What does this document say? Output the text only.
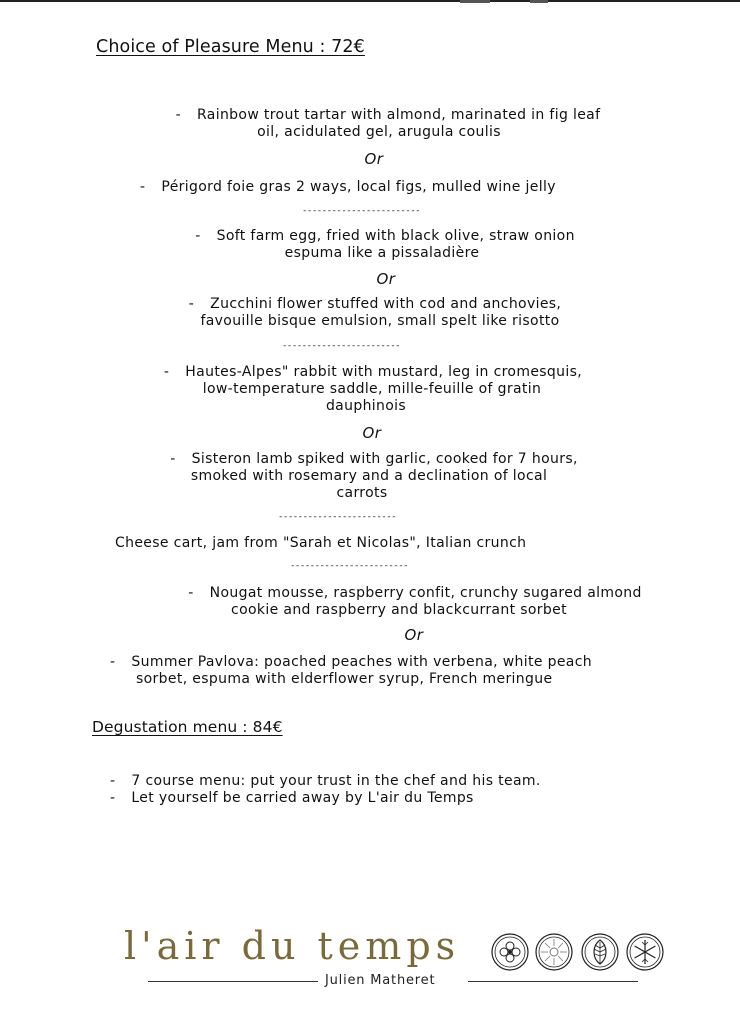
Choice of Pleasure Menu : 72€
- Rainbow trout tartar with almond, marinated in fig leaf
oil, acidulated gel, arugula coulis
Or
- Périgord foie gras 2 ways, local figs, mulled wine jelly
------------------------
- Soft farm egg, fried with black olive, straw onion
espuma like a pissaladière
Or
- Zucchini flower stuffed with cod and anchovies,
favouille bisque emulsion, small spelt like risotto
------------------------
- Hautes-Alpes" rabbit with mustard, leg in cromesquis,
low-temperature saddle, mille-feuille of gratin
dauphinois
Or
- Sisteron lamb spiked with garlic, cooked for 7 hours,
smoked with rosemary and a declination of local
carrots
------------------------
Cheese cart, jam from "Sarah et Nicolas", Italian crunch
------------------------
- Nougat mousse, raspberry confit, crunchy sugared almond
cookie and raspberry and blackcurrant sorbet
Or
- Summer Pavlova: poached peaches with verbena, white peach
sorbet, espuma with elderflower syrup, French meringue
Degustation menu : 84€
- 7 course menu: put your trust in the chef and his team.
- Let yourself be carried away by L'air du Temps
l'air du temps
Julien Matheret
